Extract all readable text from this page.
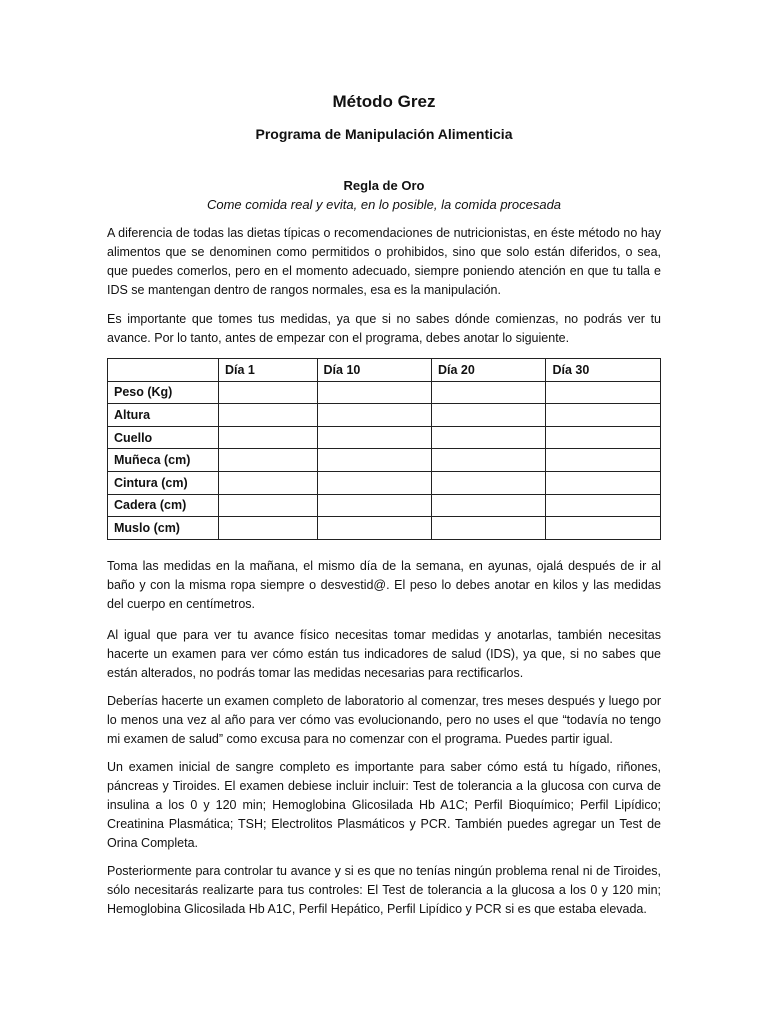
Método Grez
Programa de Manipulación Alimenticia
Regla de Oro
Come comida real y evita, en lo posible, la comida procesada

A diferencia de todas las dietas típicas o recomendaciones de nutricionistas, en éste método no hay alimentos que se denominen como permitidos o prohibidos, sino que solo están diferidos, o sea, que puedes comerlos, pero en el momento adecuado, siempre poniendo atención en que tu talla e IDS se mantengan dentro de rangos normales, esa es la manipulación.

Es importante que tomes tus medidas, ya que si no sabes dónde comienzas, no podrás ver tu avance. Por lo tanto, antes de empezar con el programa, debes anotar lo siguiente.

	Día 1	Día 10	Día 20	Día 30
Peso (Kg)				
Altura				
Cuello				
Muñeca (cm)				
Cintura (cm)				
Cadera (cm)				
Muslo (cm)				

Toma las medidas en la mañana, el mismo día de la semana, en ayunas, ojalá después de ir al baño y con la misma ropa siempre o desvestid@. El peso lo debes anotar en kilos y las medidas del cuerpo en centímetros.

Al igual que para ver tu avance físico necesitas tomar medidas y anotarlas, también necesitas hacerte un examen para ver cómo están tus indicadores de salud (IDS), ya que, si no sabes que están alterados, no podrás tomar las medidas necesarias para rectificarlos.

Deberías hacerte un examen completo de laboratorio al comenzar, tres meses después y luego por lo menos una vez al año para ver cómo vas evolucionando, pero no uses el que “todavía no tengo mi examen de salud” como excusa para no comenzar con el programa. Puedes partir igual.

Un examen inicial de sangre completo es importante para saber cómo está tu hígado, riñones, páncreas y Tiroides. El examen debiese incluir incluir: Test de tolerancia a la glucosa con curva de insulina a los 0 y 120 min; Hemoglobina Glicosilada Hb A1C; Perfil Bioquímico; Perfil Lipídico; Creatinina Plasmática; TSH; Electrolitos Plasmáticos y PCR. También puedes agregar un Test de Orina Completa.

Posteriormente para controlar tu avance y si es que no tenías ningún problema renal ni de Tiroides, sólo necesitarás realizarte para tus controles: El Test de tolerancia a la glucosa a los 0 y 120 min; Hemoglobina Glicosilada Hb A1C, Perfil Hepático, Perfil Lipídico y PCR si es que estaba elevada.
